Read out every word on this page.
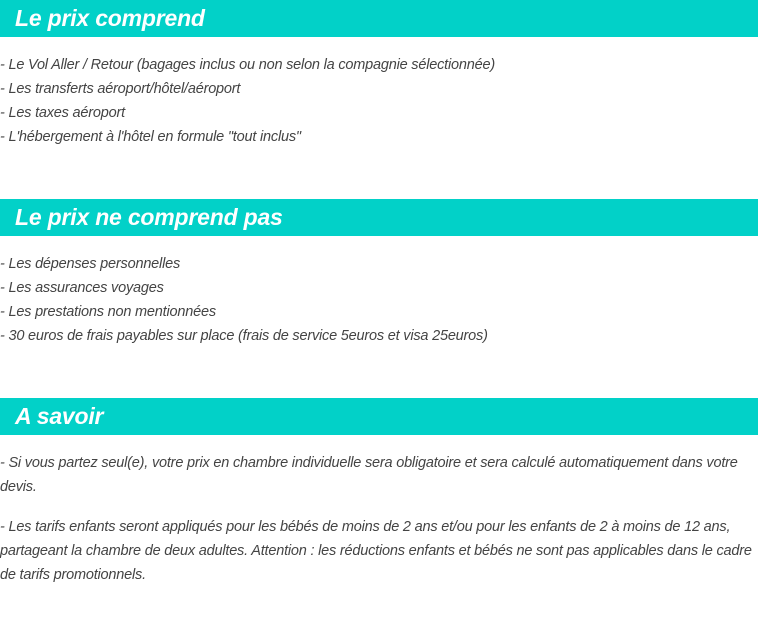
Le prix comprend
- Le Vol Aller / Retour (bagages inclus ou non selon la compagnie sélectionnée)
- Les transferts aéroport/hôtel/aéroport
- Les taxes aéroport
- L'hébergement à l'hôtel en formule "tout inclus"
Le prix ne comprend pas
- Les dépenses personnelles
- Les assurances voyages
- Les prestations non mentionnées
- 30 euros de frais payables sur place (frais de service 5euros et visa 25euros)
A savoir

- Si vous partez seul(e), votre prix en chambre individuelle sera obligatoire et sera calculé automatiquement dans votre devis.

- Les tarifs enfants seront appliqués pour les bébés de moins de 2 ans et/ou pour les enfants de 2 à moins de 12 ans, partageant la chambre de deux adultes. Attention : les réductions enfants et bébés ne sont pas applicables dans le cadre de tarifs promotionnels.
